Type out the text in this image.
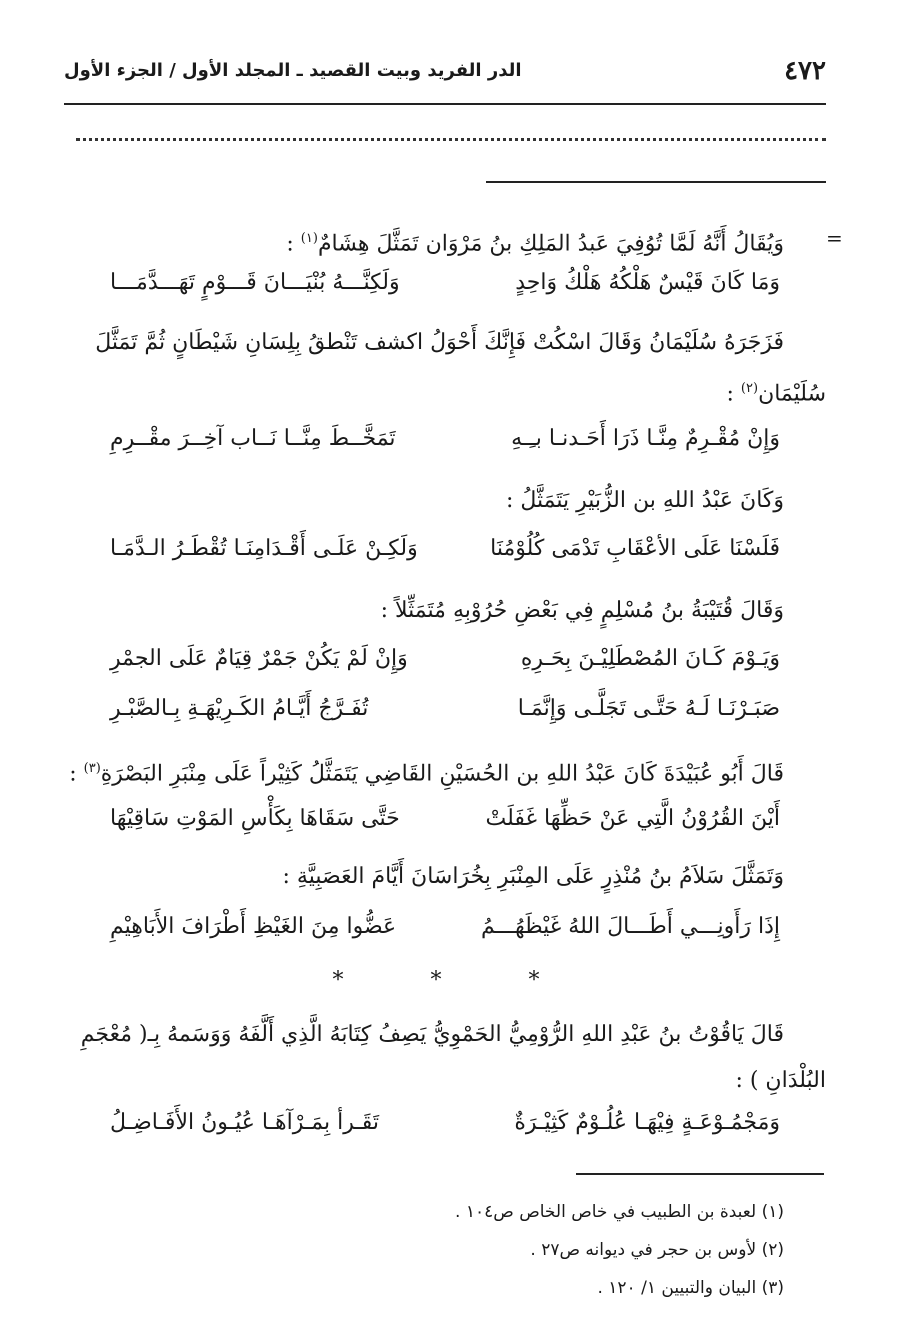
٤٧٢
الدر الفريد وبيت القصيد ـ المجلد الأول / الجزء الأول
=
وَيُقَالُ أَنَّهُ لَمَّا تُوُفِيَ عَبدُ المَلِكِ بنُ مَرْوَان تَمَثَّلَ هِشَامٌ$^{(١)}$ :
وَمَا كَانَ قَيْسٌ هَلْكُهُ هَلْكُ وَاحِدٍ
وَلَكِنَّـــهُ بُنْيَـــانَ قَـــوْمٍ تَهَـــدَّمَـــا
فَزَجَرَهُ سُلَيْمَانُ وَقَالَ اسْكُتْ فَإِنَّكَ أَحْوَلُ اكشف تَنْطقُ بِلِسَانِ شَيْطَانٍ ثُمَّ تَمَثَّلَ
سُلَيْمَان$^{(٢)}$ :
وَإِنْ مُقْـرِمٌ مِنَّـا ذَرَا أَحَـدنـا بـِـهِ
تَمَخَّــطَ مِنَّــا نَــاب آخِــرَ مقْــرِمِ
وَكَانَ عَبْدُ اللهِ بن الزُّبَيْرِ يَتَمَثَّلُ :
فَلَسْنَا عَلَى الأعْقَابِ تَدْمَى كُلُوْمُنَا
وَلَكِـنْ عَلَـى أَقْـدَامِنَـا تُقْطَـرُ الـدَّمَـا
وَقَالَ قُتَيْبَةُ بنُ مُسْلِمٍ فِي بَعْضِ حُرُوْبِهِ مُتَمَثِّلاً :
وَيَـوْمَ كَـانَ المُصْطَلِيْـنَ بِحَـرِهِ
وَإِنْ لَمْ يَكُنْ جَمْرٌ قِيَامٌ عَلَى الجمْرِ
صَبَـرْنَـا لَـهُ حَتَّـى تَجَلَّـى وَإِنَّمَـا
تُفَـرَّجُ أَيَّـامُ الكَـرِيْهَـةِ بِـالصَّبْـرِ
قَالَ أَبُو عُبَيْدَةَ كَانَ عَبْدُ اللهِ بن الحُسَيْنِ القَاضِي يَتَمَثَّلُ كَثِيْراً عَلَى مِنْبَرِ البَصْرَةِ$^{(٣)}$ :
أَيْنَ القُرُوْنُ الَّتِي عَنْ حَظِّهَا غَفَلَتْ
حَتَّى سَقَاهَا بِكَأْسِ المَوْتِ سَاقِيْهَا
وَتَمَثَّلَ سَلاَمُ بنُ مُنْذِرٍ عَلَى المِنْبَرِ بِخُرَاسَانَ أَيَّامَ العَصَبِيَّةِ :
إِذَا رَأَونِـــي أَطَـــالَ اللهُ غَيْظَهُـــمُ
عَضُّوا مِنَ الغَيْظِ أَطْرَافَ الأَبَاهِيْمِ
* * *
قَالَ يَاقُوْتُ بنُ عَبْدِ اللهِ الرُّوْمِيُّ الحَمْوِيُّ يَصِفُ كِتَابَهُ الَّذِي أَلَّفَهُ وَوَسَمهُ بِـ( مُعْجَمِ
البُلْدَانِ ) :
وَمَجْمُـوْعَـةٍ فِيْهَـا عُلُـوْمٌ كَثِيْـرَةٌ
تَقَـرأ بِمَـرْآهَـا عُيُـونُ الأَفَـاضِـلُ
(١) لعبدة بن الطبيب في خاص الخاص ص١٠٤ .
(٢) لأوس بن حجر في ديوانه ص٢٧ .
(٣) البيان والتبيين ١/ ١٢٠ .
